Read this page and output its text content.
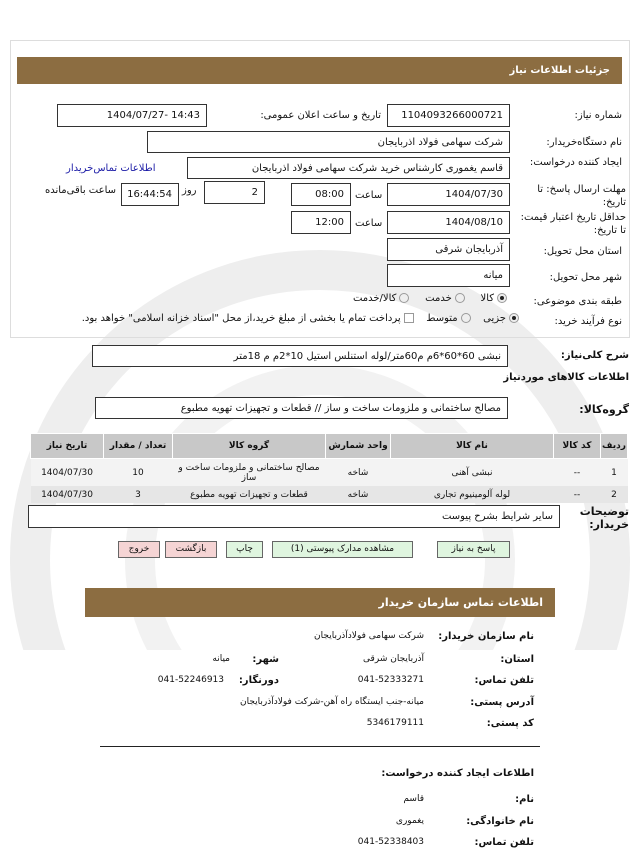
جزئیات اطلاعات نیاز
شماره نیاز:
1104093266000721
تاریخ و ساعت اعلان عمومی:
1404/07/27- 14:43
نام دستگاه‌خریدار:
شرکت سهامی فولاد اذربایجان
ایجاد کننده درخواست:
قاسم یغموری کارشناس خرید شرکت سهامی فولاد اذربایجان
اطلاعات تماس‌خریدار
مهلت ارسال پاسخ: تا تاریخ:
1404/07/30
ساعت
08:00
2
روز
16:44:54
ساعت باقی‌مانده
حداقل تاریخ اعتبار قیمت: تا تاریخ:
1404/08/10
ساعت
12:00
استان محل تحویل:
آذربایجان شرقی
شهر محل تحویل:
میانه
طبقه بندی موضوعی:
کالا    خدمت    کالا/خدمت
نوع فرآیند خرید:
جزیی   متوسط   پرداخت تمام یا بخشی از مبلغ خرید،از محل "اسناد خزانه اسلامی" خواهد بود.
شرح کلی‌نیاز:
نبشی 60*60*6م م60متر/لوله استنلس استیل 10*2م م 18متر
اطلاعات کالاهای موردنیاز
گروه‌کالا:
مصالح ساختمانی و ملزومات ساخت و ساز // قطعات و تجهیزات تهویه مطبوع
ردیف	کد کالا	نام کالا	واحد شمارش	گروه کالا	تعداد / مقدار	تاریخ نیاز
1	--	نبشی آهنی	شاخه	مصالح ساختمانی و ملزومات ساخت و ساز	10	1404/07/30
2	--	لوله آلومینیوم تجاری	شاخه	قطعات و تجهیزات تهویه مطبوع	3	1404/07/30
توضیحات خریدار:
سایر شرایط بشرح پیوست
پاسخ به نیاز
مشاهده مدارک پیوستی (1)
چاپ
بازگشت
خروج
اطلاعات تماس سازمان خریدار
نام سازمان خریدار:
شرکت سهامی فولادآذربایجان
استان:
آذربایجان شرقی
شهر:
میانه
تلفن تماس:
041-52333271
دورنگار:
041-52246913
آدرس پستی:
میانه-جنب ایستگاه راه آهن-شرکت فولادآذربایجان
کد پستی:
5346179111
اطلاعات ایجاد کننده درخواست:
نام:
قاسم
نام خانوادگی:
یغموری
تلفن تماس:
041-52338403
